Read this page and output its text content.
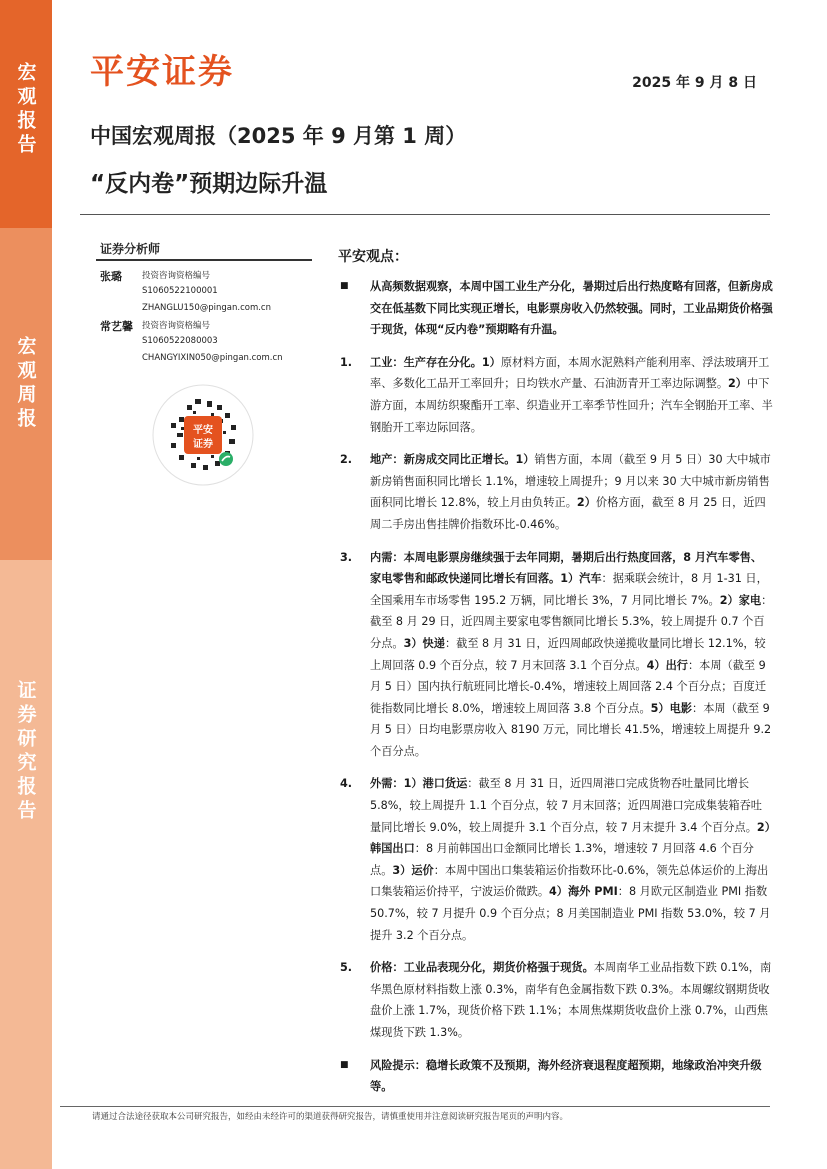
宏观报告
宏观周报
证券研究报告
平安证券	2025 年 9 月 8 日
中国宏观周报（2025 年 9 月第 1 周）
“反内卷”预期边际升温
证券分析师
张璐 投资咨询资格编号
S1060522100001
ZHANGLU150@pingan.com.cn
常艺馨 投资咨询资格编号
S1060522080003
CHANGYIXIN050@pingan.com.cn
平安
证券
平安观点：
■ 从高频数据观察，本周中国工业生产分化，暑期过后出行热度略有回落，但新房成交在低基数下同比实现正增长，电影票房收入仍然较强。同时，工业品期货价格强于现货，体现“反内卷”预期略有升温。
1. 工业：生产存在分化。1）原材料方面，本周水泥熟料产能利用率、浮法玻璃开工率、多数化工品开工率回升；日均铁水产量、石油沥青开工率边际调整。2）中下游方面，本周纺织聚酯开工率、织造业开工率季节性回升；汽车全钢胎开工率、半钢胎开工率边际回落。
2. 地产：新房成交同比正增长。1）销售方面，本周（截至 9 月 5 日）30 大中城市新房销售面积同比增长 1.1%，增速较上周提升；9 月以来 30 大中城市新房销售面积同比增长 12.8%，较上月由负转正。2）价格方面，截至 8 月 25 日，近四周二手房出售挂牌价指数环比-0.46%。
3. 内需：本周电影票房继续强于去年同期，暑期后出行热度回落，8 月汽车零售、家电零售和邮政快递同比增长有回落。1）汽车：据乘联会统计，8 月 1-31 日，全国乘用车市场零售 195.2 万辆，同比增长 3%，7 月同比增长 7%。2）家电：截至 8 月 29 日，近四周主要家电零售额同比增长 5.3%，较上周提升 0.7 个百分点。3）快递：截至 8 月 31 日，近四周邮政快递揽收量同比增长 12.1%，较上周回落 0.9 个百分点，较 7 月末回落 3.1 个百分点。4）出行：本周（截至 9 月 5 日）国内执行航班同比增长-0.4%，增速较上周回落 2.4 个百分点；百度迁徙指数同比增长 8.0%，增速较上周回落 3.8 个百分点。5）电影：本周（截至 9 月 5 日）日均电影票房收入 8190 万元，同比增长 41.5%，增速较上周提升 9.2 个百分点。
4. 外需：1）港口货运：截至 8 月 31 日，近四周港口完成货物吞吐量同比增长 5.8%，较上周提升 1.1 个百分点，较 7 月末回落；近四周港口完成集装箱吞吐量同比增长 9.0%，较上周提升 3.1 个百分点，较 7 月末提升 3.4 个百分点。2）韩国出口：8 月前韩国出口金额同比增长 1.3%，增速较 7 月回落 4.6 个百分点。3）运价：本周中国出口集装箱运价指数环比-0.6%，领先总体运价的上海出口集装箱运价持平，宁波运价微跌。4）海外 PMI：8 月欧元区制造业 PMI 指数 50.7%，较 7 月提升 0.9 个百分点；8 月美国制造业 PMI 指数 53.0%，较 7 月提升 3.2 个百分点。
5. 价格：工业品表现分化，期货价格强于现货。本周南华工业品指数下跌 0.1%，南华黑色原材料指数上涨 0.3%，南华有色金属指数下跌 0.3%。本周螺纹钢期货收盘价上涨 1.7%，现货价格下跌 1.1%；本周焦煤期货收盘价上涨 0.7%，山西焦煤现货下跌 1.3%。
■ 风险提示：稳增长政策不及预期，海外经济衰退程度超预期，地缘政治冲突升级等。
请通过合法途径获取本公司研究报告，如经由未经许可的渠道获得研究报告，请慎重使用并注意阅读研究报告尾页的声明内容。
